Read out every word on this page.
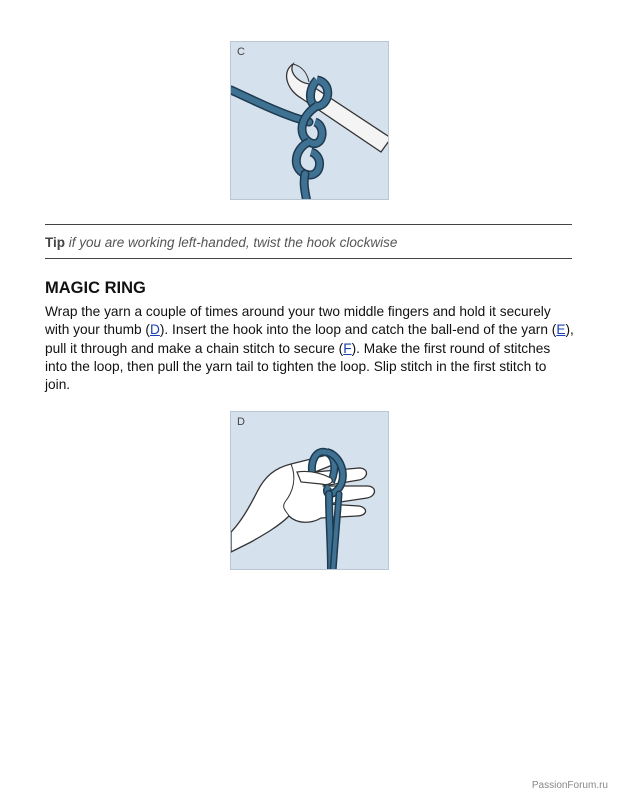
C
Tip if you are working left-handed, twist the hook clockwise
MAGIC RING

Wrap the yarn a couple of times around your two middle fingers and hold it securely with your thumb (D). Insert the hook into the loop and catch the ball-end of the yarn (E), pull it through and make a chain stitch to secure (F). Make the first round of stitches into the loop, then pull the yarn tail to tighten the loop. Slip stitch in the first stitch to join.

D
PassionForum.ru
